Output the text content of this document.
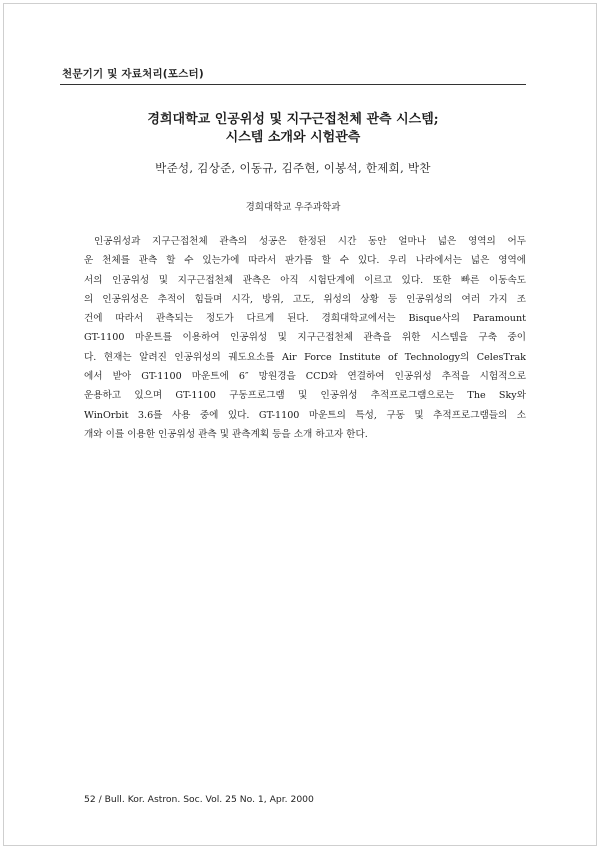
천문기기 및 자료처리(포스터)
경희대학교 인공위성 및 지구근접천체 관측 시스템;
시스템 소개와 시험관측
박준성, 김상준, 이동규, 김주현, 이봉석, 한제희, 박찬
경희대학교 우주과학과
인공위성과 지구근접천체 관측의 성공은 한정된 시간 동안 얼마나 넓은 영역의 어두
운 천체를 관측 할 수 있는가에 따라서 판가름 할 수 있다. 우리 나라에서는 넓은 영역에
서의 인공위성 및 지구근접천체 관측은 아직 시험단계에 이르고 있다. 또한 빠른 이동속도
의 인공위성은 추적이 힘들며 시각, 방위, 고도, 위성의 상황 등 인공위성의 여러 가지 조
건에 따라서 관측되는 정도가 다르게 된다. 경희대학교에서는 Bisque사의 Paramount
GT-1100 마운트를 이용하여 인공위성 및 지구근접천체 관측을 위한 시스템을 구축 중이
다. 현재는 알려진 인공위성의 궤도요소를 Air Force Institute of Technology의 CelesTrak
에서 받아 GT-1100 마운트에 6″ 망원경을 CCD와 연결하여 인공위성 추적을 시험적으로
운용하고 있으며 GT-1100 구동프로그램 및 인공위성 추적프로그램으로는 The Sky와
WinOrbit 3.6를 사용 중에 있다. GT-1100 마운트의 특성, 구동 및 추적프로그램들의 소
개와 이를 이용한 인공위성 관측 및 관측계획 등을 소개 하고자 한다.
52 / Bull. Kor. Astron. Soc. Vol. 25 No. 1, Apr. 2000
